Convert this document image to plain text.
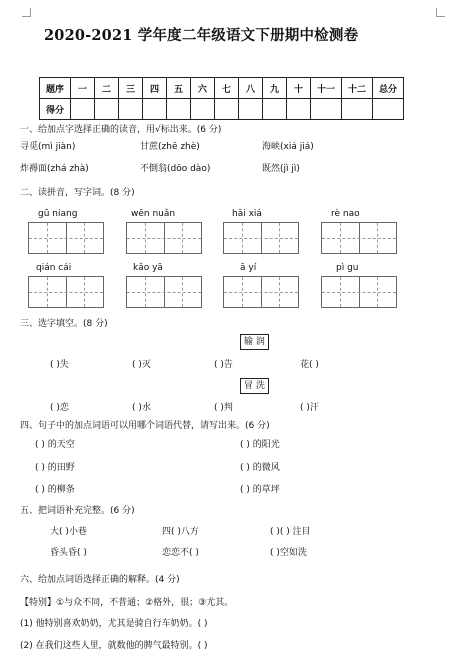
2020-2021 学年度二年级语文下册期中检测卷
题序	一	二	三	四	五	六	七	八	九	十	十一	十二	总分
得分													
一、给加点字选择正确的读音，用√标出来。(6 分)
寻觅(mì jiàn)	甘蔗(zhē zhè)	海峡(xiá jiá)
炸褥面(zhá zhà)	不倒翁(dōo dào)	既然(jì jì)
二、读拼音，写字词。(8 分)
gū niang	wēn nuǎn	hǎi xiá	rè nao
qián cái	kǎo yā	ā yí	pì gu
三、选字填空。(8 分)
输 润
( )失	( )灭	( )告	花( )
冒 洗
( )恋	( )水	( )判	( )汗
四、句子中的加点词语可以用哪个词语代替，请写出来。(6 分)
( ) 的天空	( ) 的阳光
( ) 的田野	( ) 的微风
( ) 的柳条	( ) 的草坪
五、把词语补充完整。(6 分)
大( )小巷	四( )八方	( )( ) 注目
昏头昏( )	恋恋不( )	( )空如洗
六、给加点词语选择正确的解释。(4 分)
【特别】①与众不同，不普通；②格外，很；③尤其。
(1) 他特别喜欢奶奶，尤其是骑自行车奶奶。( )
(2) 在我们这些人里，就数他的脾气最特别。( )
